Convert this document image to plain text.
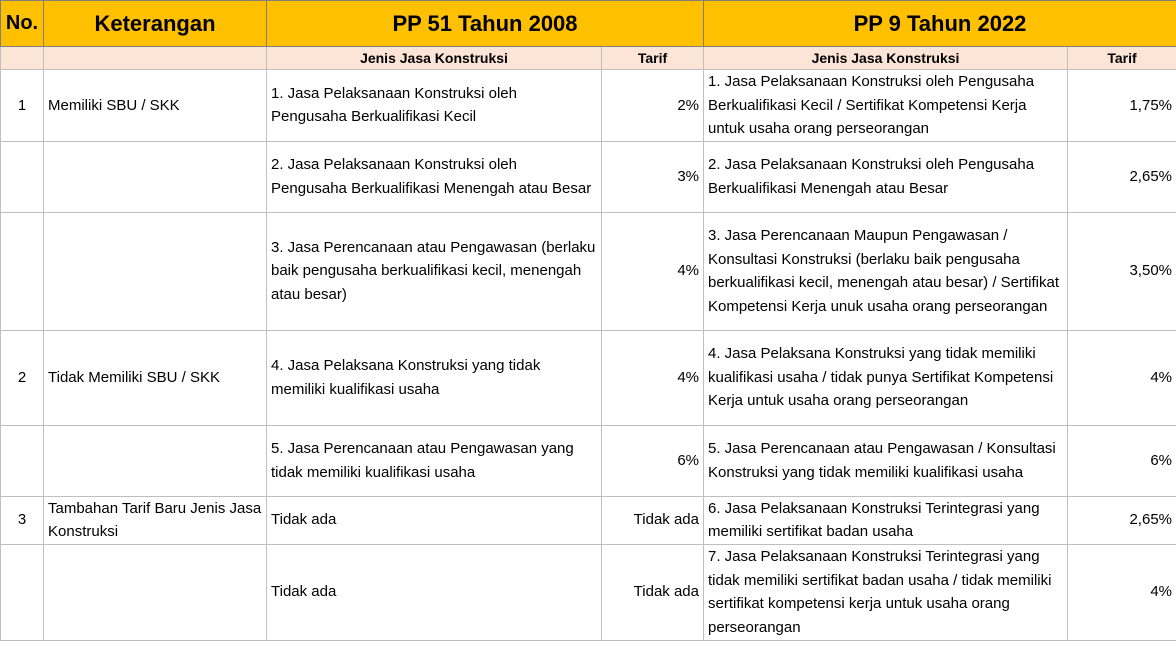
No.	Keterangan	PP 51 Tahun 2008		PP 9 Tahun 2022	
		Jenis Jasa Konstruksi	Tarif	Jenis Jasa Konstruksi	Tarif
1	Memiliki SBU / SKK	1. Jasa Pelaksanaan Konstruksi oleh Pengusaha Berkualifikasi Kecil	2%	1. Jasa Pelaksanaan Konstruksi oleh Pengusaha Berkualifikasi Kecil / Sertifikat Kompetensi Kerja untuk usaha orang perseorangan	1,75%
		2. Jasa Pelaksanaan Konstruksi oleh Pengusaha Berkualifikasi Menengah atau Besar	3%	2. Jasa Pelaksanaan Konstruksi oleh Pengusaha Berkualifikasi Menengah atau Besar	2,65%
		3. Jasa Perencanaan atau Pengawasan (berlaku baik pengusaha berkualifikasi kecil, menengah atau besar)	4%	3. Jasa Perencanaan Maupun Pengawasan / Konsultasi Konstruksi (berlaku baik pengusaha berkualifikasi kecil, menengah atau besar) / Sertifikat Kompetensi Kerja unuk usaha orang perseorangan	3,50%
2	Tidak Memiliki SBU / SKK	4. Jasa Pelaksana Konstruksi yang tidak memiliki kualifikasi usaha	4%	4. Jasa Pelaksana Konstruksi yang tidak memiliki kualifikasi usaha / tidak punya Sertifikat Kompetensi Kerja untuk usaha orang perseorangan	4%
		5. Jasa Perencanaan atau Pengawasan yang tidak memiliki kualifikasi usaha	6%	5. Jasa Perencanaan atau Pengawasan / Konsultasi Konstruksi yang tidak memiliki kualifikasi usaha	6%
3	Tambahan Tarif Baru Jenis Jasa Konstruksi	Tidak ada	Tidak ada	6. Jasa Pelaksanaan Konstruksi Terintegrasi yang memiliki sertifikat badan usaha	2,65%
		Tidak ada	Tidak ada	7. Jasa Pelaksanaan Konstruksi Terintegrasi yang tidak memiliki sertifikat badan usaha / tidak memiliki sertifikat kompetensi kerja untuk usaha orang perseorangan	4%
